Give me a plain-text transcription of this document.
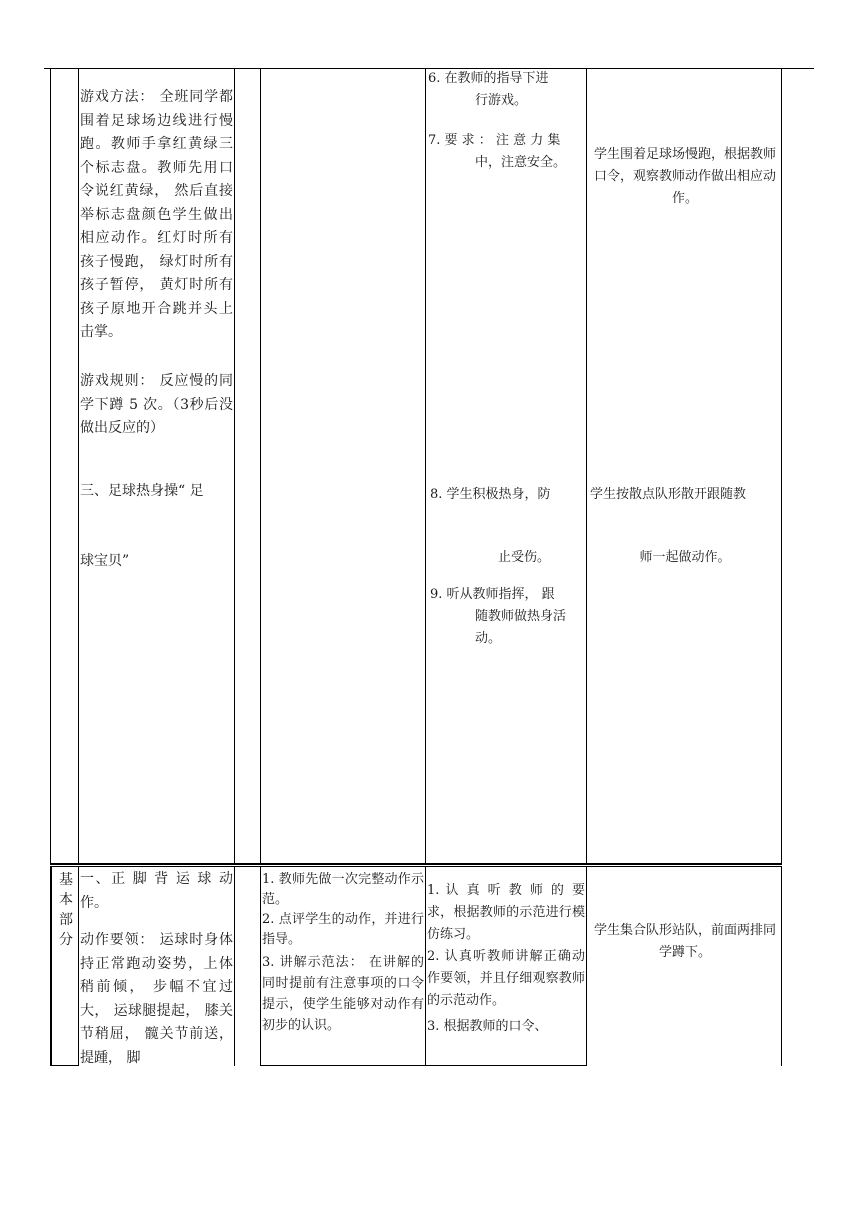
游戏方法： 全班同学都围着足球场边线进行慢跑。教师手拿红黄绿三个标志盘。教师先用口令说红黄绿， 然后直接举标志盘颜色学生做出相应动作。红灯时所有孩子慢跑， 绿灯时所有孩子暂停， 黄灯时所有孩子原地开合跳并头上击掌。
游戏规则： 反应慢的同学下蹲 5 次。（3秒后没做出反应的）
三、足球热身操“ 足
球宝贝”
6. 在教师的指导下进
行游戏。
7. 要 求 ： 注 意 力 集
中，注意安全。
8. 学生积极热身，防
止受伤。
9. 听从教师指挥， 跟
随教师做热身活
动。
学生围着足球场慢跑，根据教师口令，观察教师动作做出相应动作。
学生按散点队形散开跟随教
师一起做动作。
基
本
部
分
一、正 脚 背 运 球 动作。
动作要领： 运球时身体持正常跑动姿势，上体稍前倾， 步幅不宜过大， 运球腿提起， 膝关节稍屈， 髋关节前送， 提踵， 脚
1. 教师先做一次完整动作示范。
2. 点评学生的动作，并进行指导。
3. 讲解示范法： 在讲解的同时提前有注意事项的口令提示，使学生能够对动作有初步的认识。
1. 认 真 听 教 师 的 要求，根据教师的示范进行模仿练习。
2. 认真听教师讲解正确动作要领，并且仔细观察教师的示范动作。
3. 根据教师的口令、
学生集合队形站队，前面两排同学蹲下。
